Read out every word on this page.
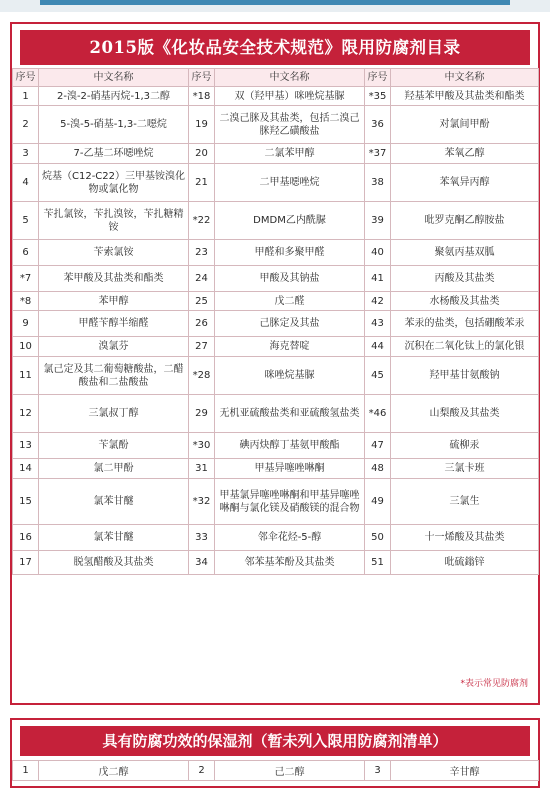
2015版《化妆品安全技术规范》限用防腐剂目录
序号	中文名称	序号	中文名称	序号	中文名称
1	2-溴-2-硝基丙烷-1,3二醇	*18	双（羟甲基）咪唑烷基脲	*35	羟基苯甲酸及其盐类和酯类
2	5-溴-5-硝基-1,3-二噁烷	19	二溴己脒及其盐类，包括二溴己脒羟乙磺酸盐	36	对氯间甲酚
3	7-乙基二环噁唑烷	20	二氯苯甲醇	*37	苯氧乙醇
4	烷基（C12-C22）三甲基铵溴化物或氯化物	21	二甲基噁唑烷	38	苯氧异丙醇
5	苄扎氯铵，苄扎溴铵，苄扎糖精铵	*22	DMDM乙内酰脲	39	吡罗克酮乙醇胺盐
6	苄索氯铵	23	甲醛和多聚甲醛	40	聚氨丙基双胍
*7	苯甲酸及其盐类和酯类	24	甲酸及其钠盐	41	丙酸及其盐类
*8	苯甲醇	25	戊二醛	42	水杨酸及其盐类
9	甲醛苄醇半缩醛	26	己脒定及其盐	43	苯汞的盐类，包括硼酸苯汞
10	溴氯芬	27	海克替啶	44	沉积在二氧化钛上的氯化银
11	氯己定及其二葡萄糖酸盐，二醋酸盐和二盐酸盐	*28	咪唑烷基脲	45	羟甲基甘氨酸钠
12	三氯叔丁醇	29	无机亚硫酸盐类和亚硫酸氢盐类	*46	山梨酸及其盐类
13	苄氯酚	*30	碘丙炔醇丁基氨甲酸酯	47	硫柳汞
14	氯二甲酚	31	甲基异噻唑啉酮	48	三氯卡班
15	氯苯甘醚	*32	甲基氯异噻唑啉酮和甲基异噻唑啉酮与氯化镁及硝酸镁的混合物	49	三氯生
16	氯苯甘醚	33	邻伞花烃-5-醇	50	十一烯酸及其盐类
17	脱氢醋酸及其盐类	34	邻苯基苯酚及其盐类	51	吡硫鎓锌
*表示常见防腐剂
具有防腐功效的保湿剂（暂未列入限用防腐剂清单）
1	戊二醇	2	己二醇	3	辛甘醇
